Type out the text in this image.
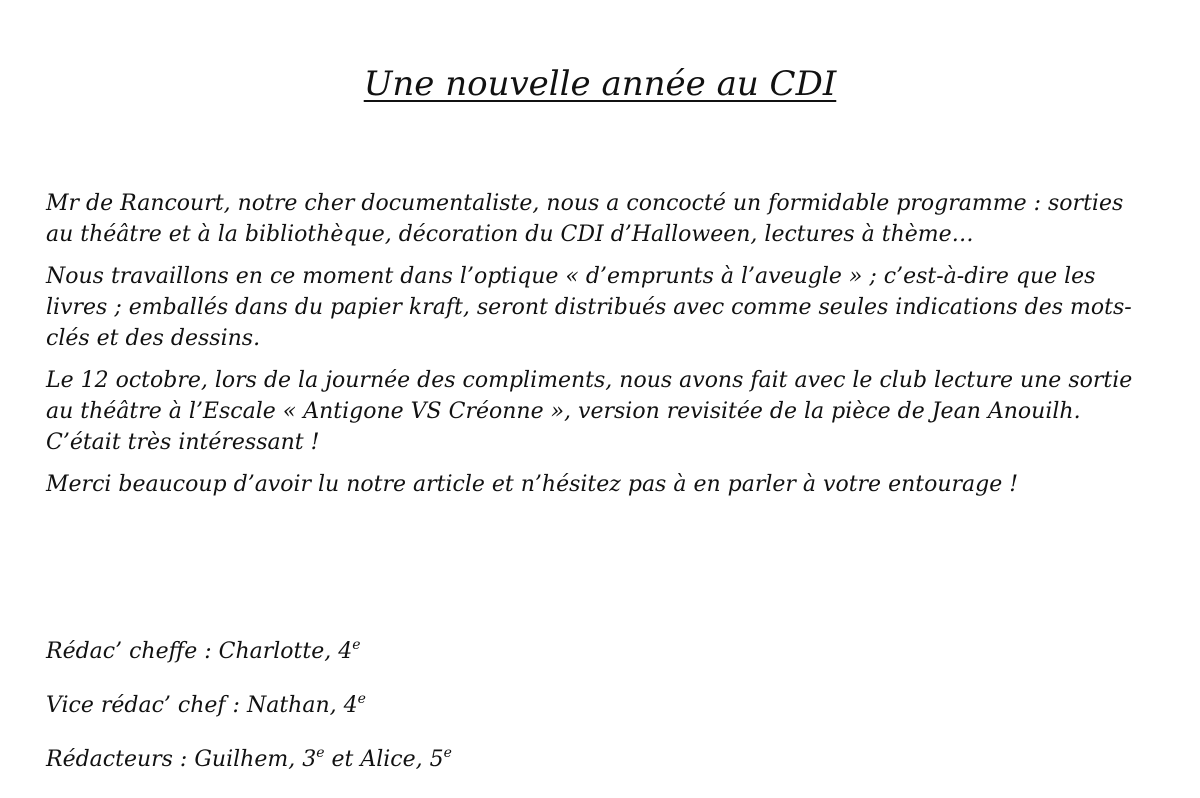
Une nouvelle année au CDI

Mr de Rancourt, notre cher documentaliste, nous a concocté un formidable programme : sorties au théâtre et à la bibliothèque, décoration du CDI d’Halloween, lectures à thème…

Nous travaillons en ce moment dans l’optique « d’emprunts à l’aveugle » ; c’est-à-dire que les livres ; emballés dans du papier kraft, seront distribués avec comme seules indications des mots-clés et des dessins.

Le 12 octobre, lors de la journée des compliments, nous avons fait avec le club lecture une sortie au théâtre à l’Escale « Antigone VS Créonne », version revisitée de la pièce de Jean Anouilh. C’était très intéressant !

Merci beaucoup d’avoir lu notre article et n’hésitez pas à en parler à votre entourage !

Rédac’ cheffe : Charlotte, 4e
Vice rédac’ chef : Nathan, 4e
Rédacteurs : Guilhem, 3e et Alice, 5e
